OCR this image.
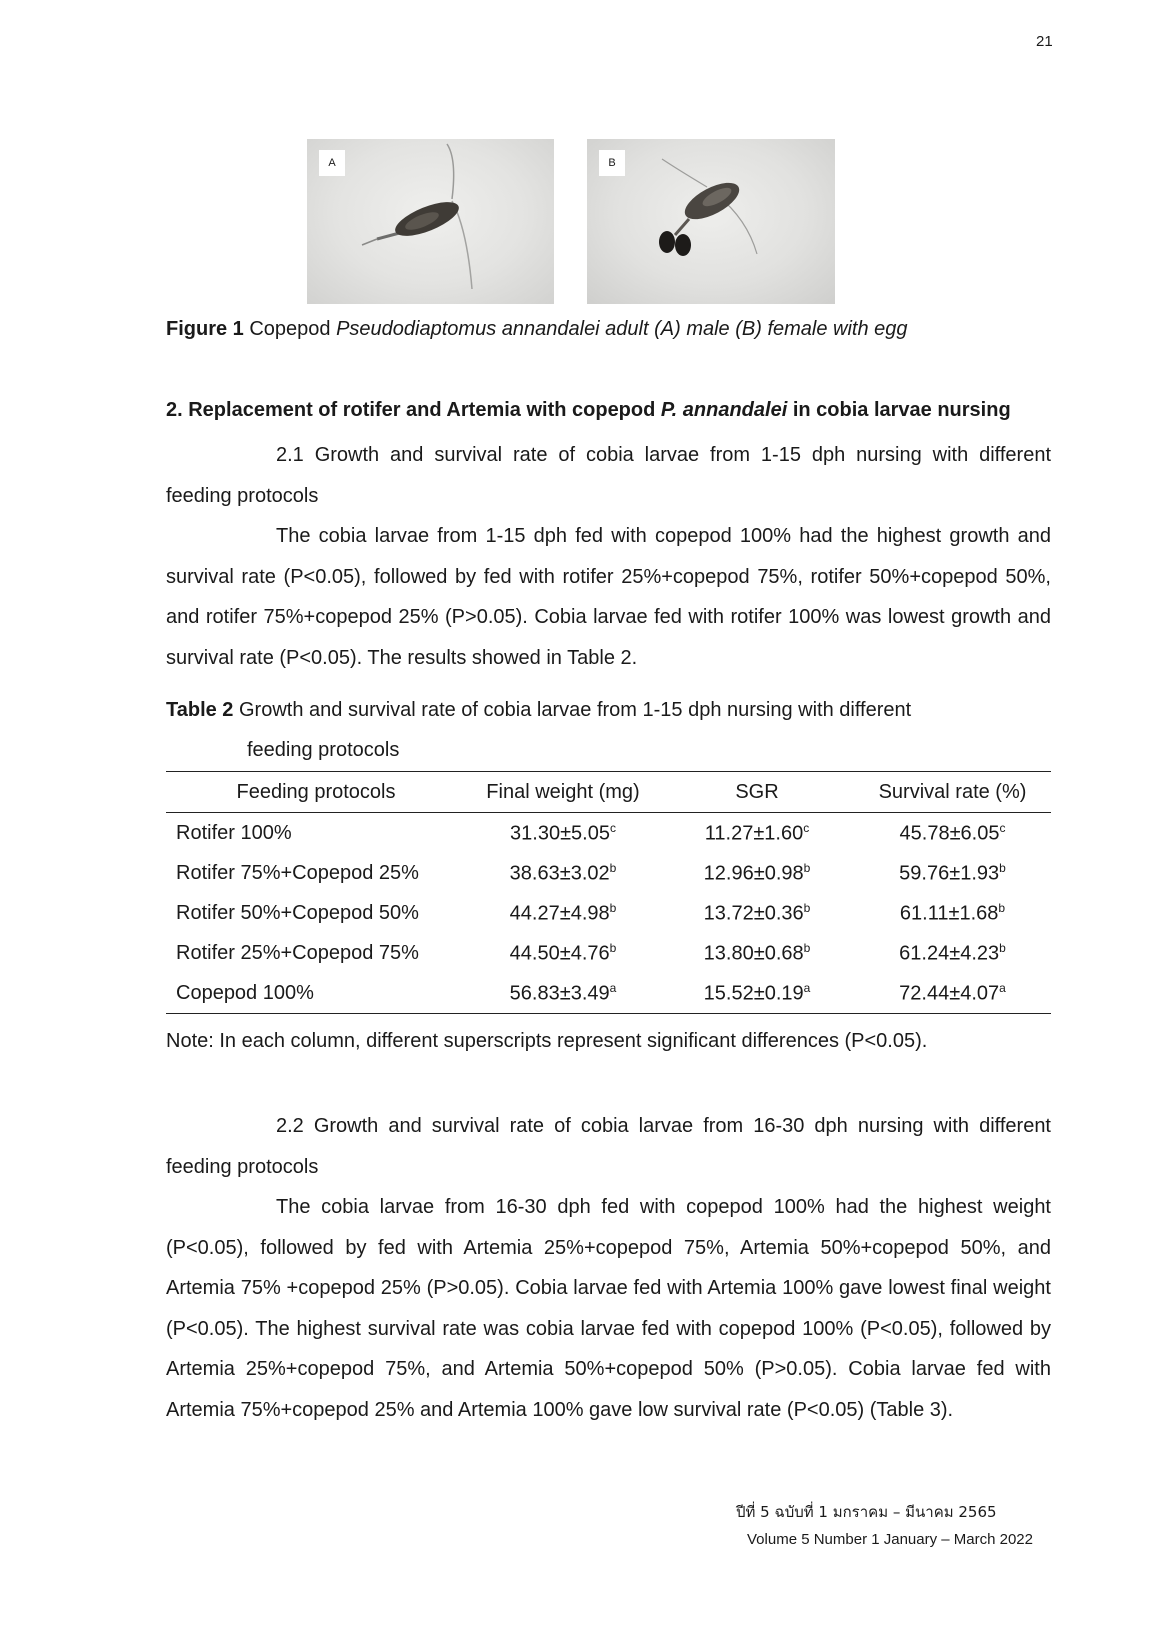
21
A	B
Figure 1 Copepod Pseudodiaptomus annandalei adult (A) male (B) female with egg
2. Replacement of rotifer and Artemia with copepod P. annandalei in cobia larvae nursing
2.1 Growth and survival rate of cobia larvae from 1-15 dph nursing with different feeding protocols
The cobia larvae from 1-15 dph fed with copepod 100% had the highest growth and survival rate (P<0.05), followed by fed with rotifer 25%+copepod 75%, rotifer 50%+copepod 50%, and rotifer 75%+copepod 25% (P>0.05). Cobia larvae fed with rotifer 100% was lowest growth and survival rate (P<0.05). The results showed in Table 2.
Table 2 Growth and survival rate of cobia larvae from 1-15 dph nursing with different
feeding protocols
Feeding protocols	Final weight (mg)	SGR	Survival rate (%)
Rotifer 100%	31.30±5.05$^c$	11.27±1.60$^c$	45.78±6.05$^c$
Rotifer 75%+Copepod 25%	38.63±3.02$^b$	12.96±0.98$^b$	59.76±1.93$^b$
Rotifer 50%+Copepod 50%	44.27±4.98$^b$	13.72±0.36$^b$	61.11±1.68$^b$
Rotifer 25%+Copepod 75%	44.50±4.76$^b$	13.80±0.68$^b$	61.24±4.23$^b$
Copepod 100%	56.83±3.49$^a$	15.52±0.19$^a$	72.44±4.07$^a$
Note: In each column, different superscripts represent significant differences (P<0.05).
2.2 Growth and survival rate of cobia larvae from 16-30 dph nursing with different feeding protocols
The cobia larvae from 16-30 dph fed with copepod 100% had the highest weight (P<0.05), followed by fed with Artemia 25%+copepod 75%, Artemia 50%+copepod 50%, and Artemia 75% +copepod 25% (P>0.05). Cobia larvae fed with Artemia 100% gave lowest final weight (P<0.05). The highest survival rate was cobia larvae fed with copepod 100% (P<0.05), followed by Artemia 25%+copepod 75%, and Artemia 50%+copepod 50% (P>0.05). Cobia larvae fed with Artemia 75%+copepod 25% and Artemia 100% gave low survival rate (P<0.05) (Table 3).
ปีที่ 5 ฉบับที่ 1 มกราคม – มีนาคม 2565
Volume 5 Number 1 January – March 2022
